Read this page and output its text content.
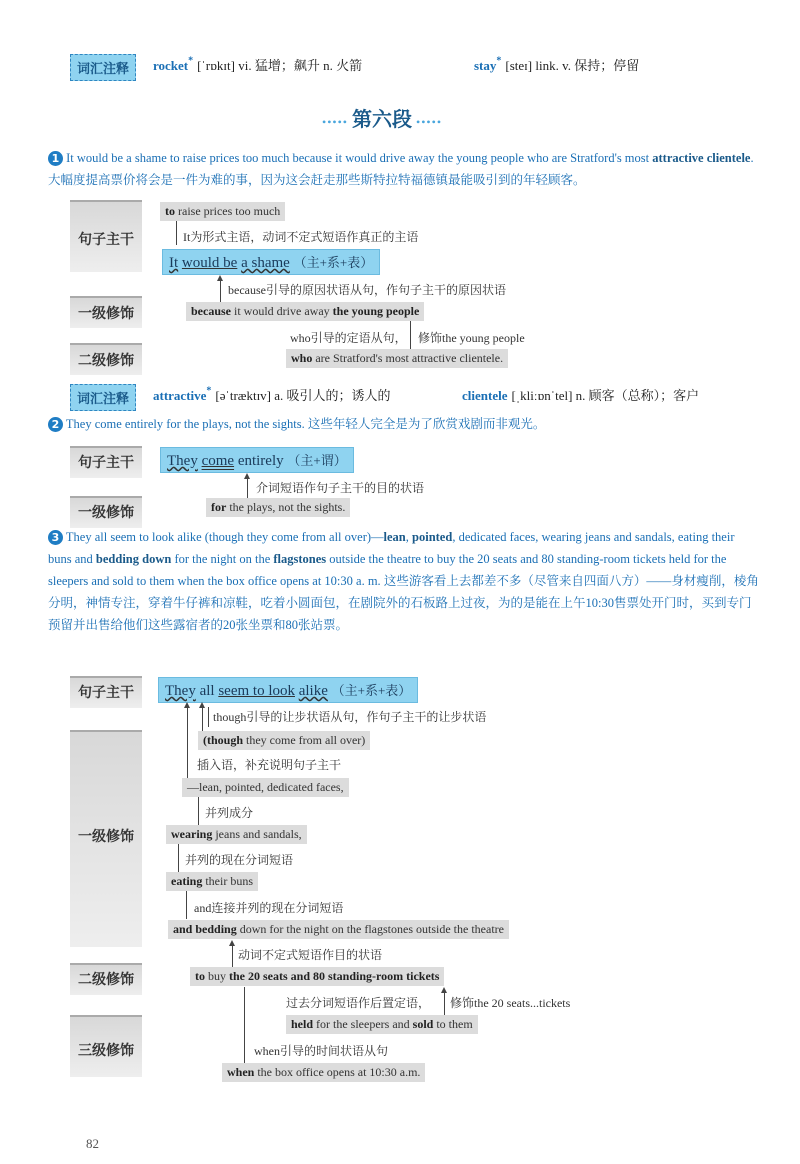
词汇注释	rocket* [ˈrɒkɪt] vi. 猛增；飙升 n. 火箭	stay* [steɪ] link. v. 保持；停留
••••• 第六段 •••••
1 It would be a shame to raise prices too much because it would drive away the young people who are Stratford's most attractive clientele. 大幅度提高票价将会是一件为难的事，因为这会赶走那些斯特拉特福德镇最能吸引到的年轻顾客。
句子主干
一级修饰
二级修饰
to raise prices too much
It为形式主语，动词不定式短语作真正的主语
It would be a shame （主+系+表）
because引导的原因状语从句，作句子主干的原因状语
because it would drive away the young people
who引导的定语从句， 修饰the young people
who are Stratford's most attractive clientele.
词汇注释	attractive* [əˈtræktɪv] a. 吸引人的；诱人的	clientele [ˌkliːɒnˈtel] n. 顾客（总称）；客户
2 They come entirely for the plays, not the sights. 这些年轻人完全是为了欣赏戏剧而非观光。
句子主干
一级修饰
They come entirely （主+谓）
介词短语作句子主干的目的状语
for the plays, not the sights.
3 They all seem to look alike (though they come from all over)—lean, pointed, dedicated faces, wearing jeans and sandals, eating their buns and bedding down for the night on the flagstones outside the theatre to buy the 20 seats and 80 standing-room tickets held for the sleepers and sold to them when the box office opens at 10:30 a. m. 这些游客看上去都差不多（尽管来自四面八方）——身材瘦削，棱角分明，神情专注，穿着牛仔裤和凉鞋，吃着小圆面包，在剧院外的石板路上过夜，为的是能在上午10:30售票处开门时，买到专门预留并出售给他们这些露宿者的20张坐票和80张站票。
句子主干
一级修饰
二级修饰
三级修饰
They all seem to look alike （主+系+表）
though引导的让步状语从句，作句子主干的让步状语
(though they come from all over)
插入语，补充说明句子主干
—lean, pointed, dedicated faces,
并列成分
wearing jeans and sandals,
并列的现在分词短语
eating their buns
and连接并列的现在分词短语
and bedding down for the night on the flagstones outside the theatre
动词不定式短语作目的状语
to buy the 20 seats and 80 standing-room tickets
过去分词短语作后置定语， 修饰the 20 seats...tickets
held for the sleepers and sold to them
when引导的时间状语从句
when the box office opens at 10:30 a.m.
82
